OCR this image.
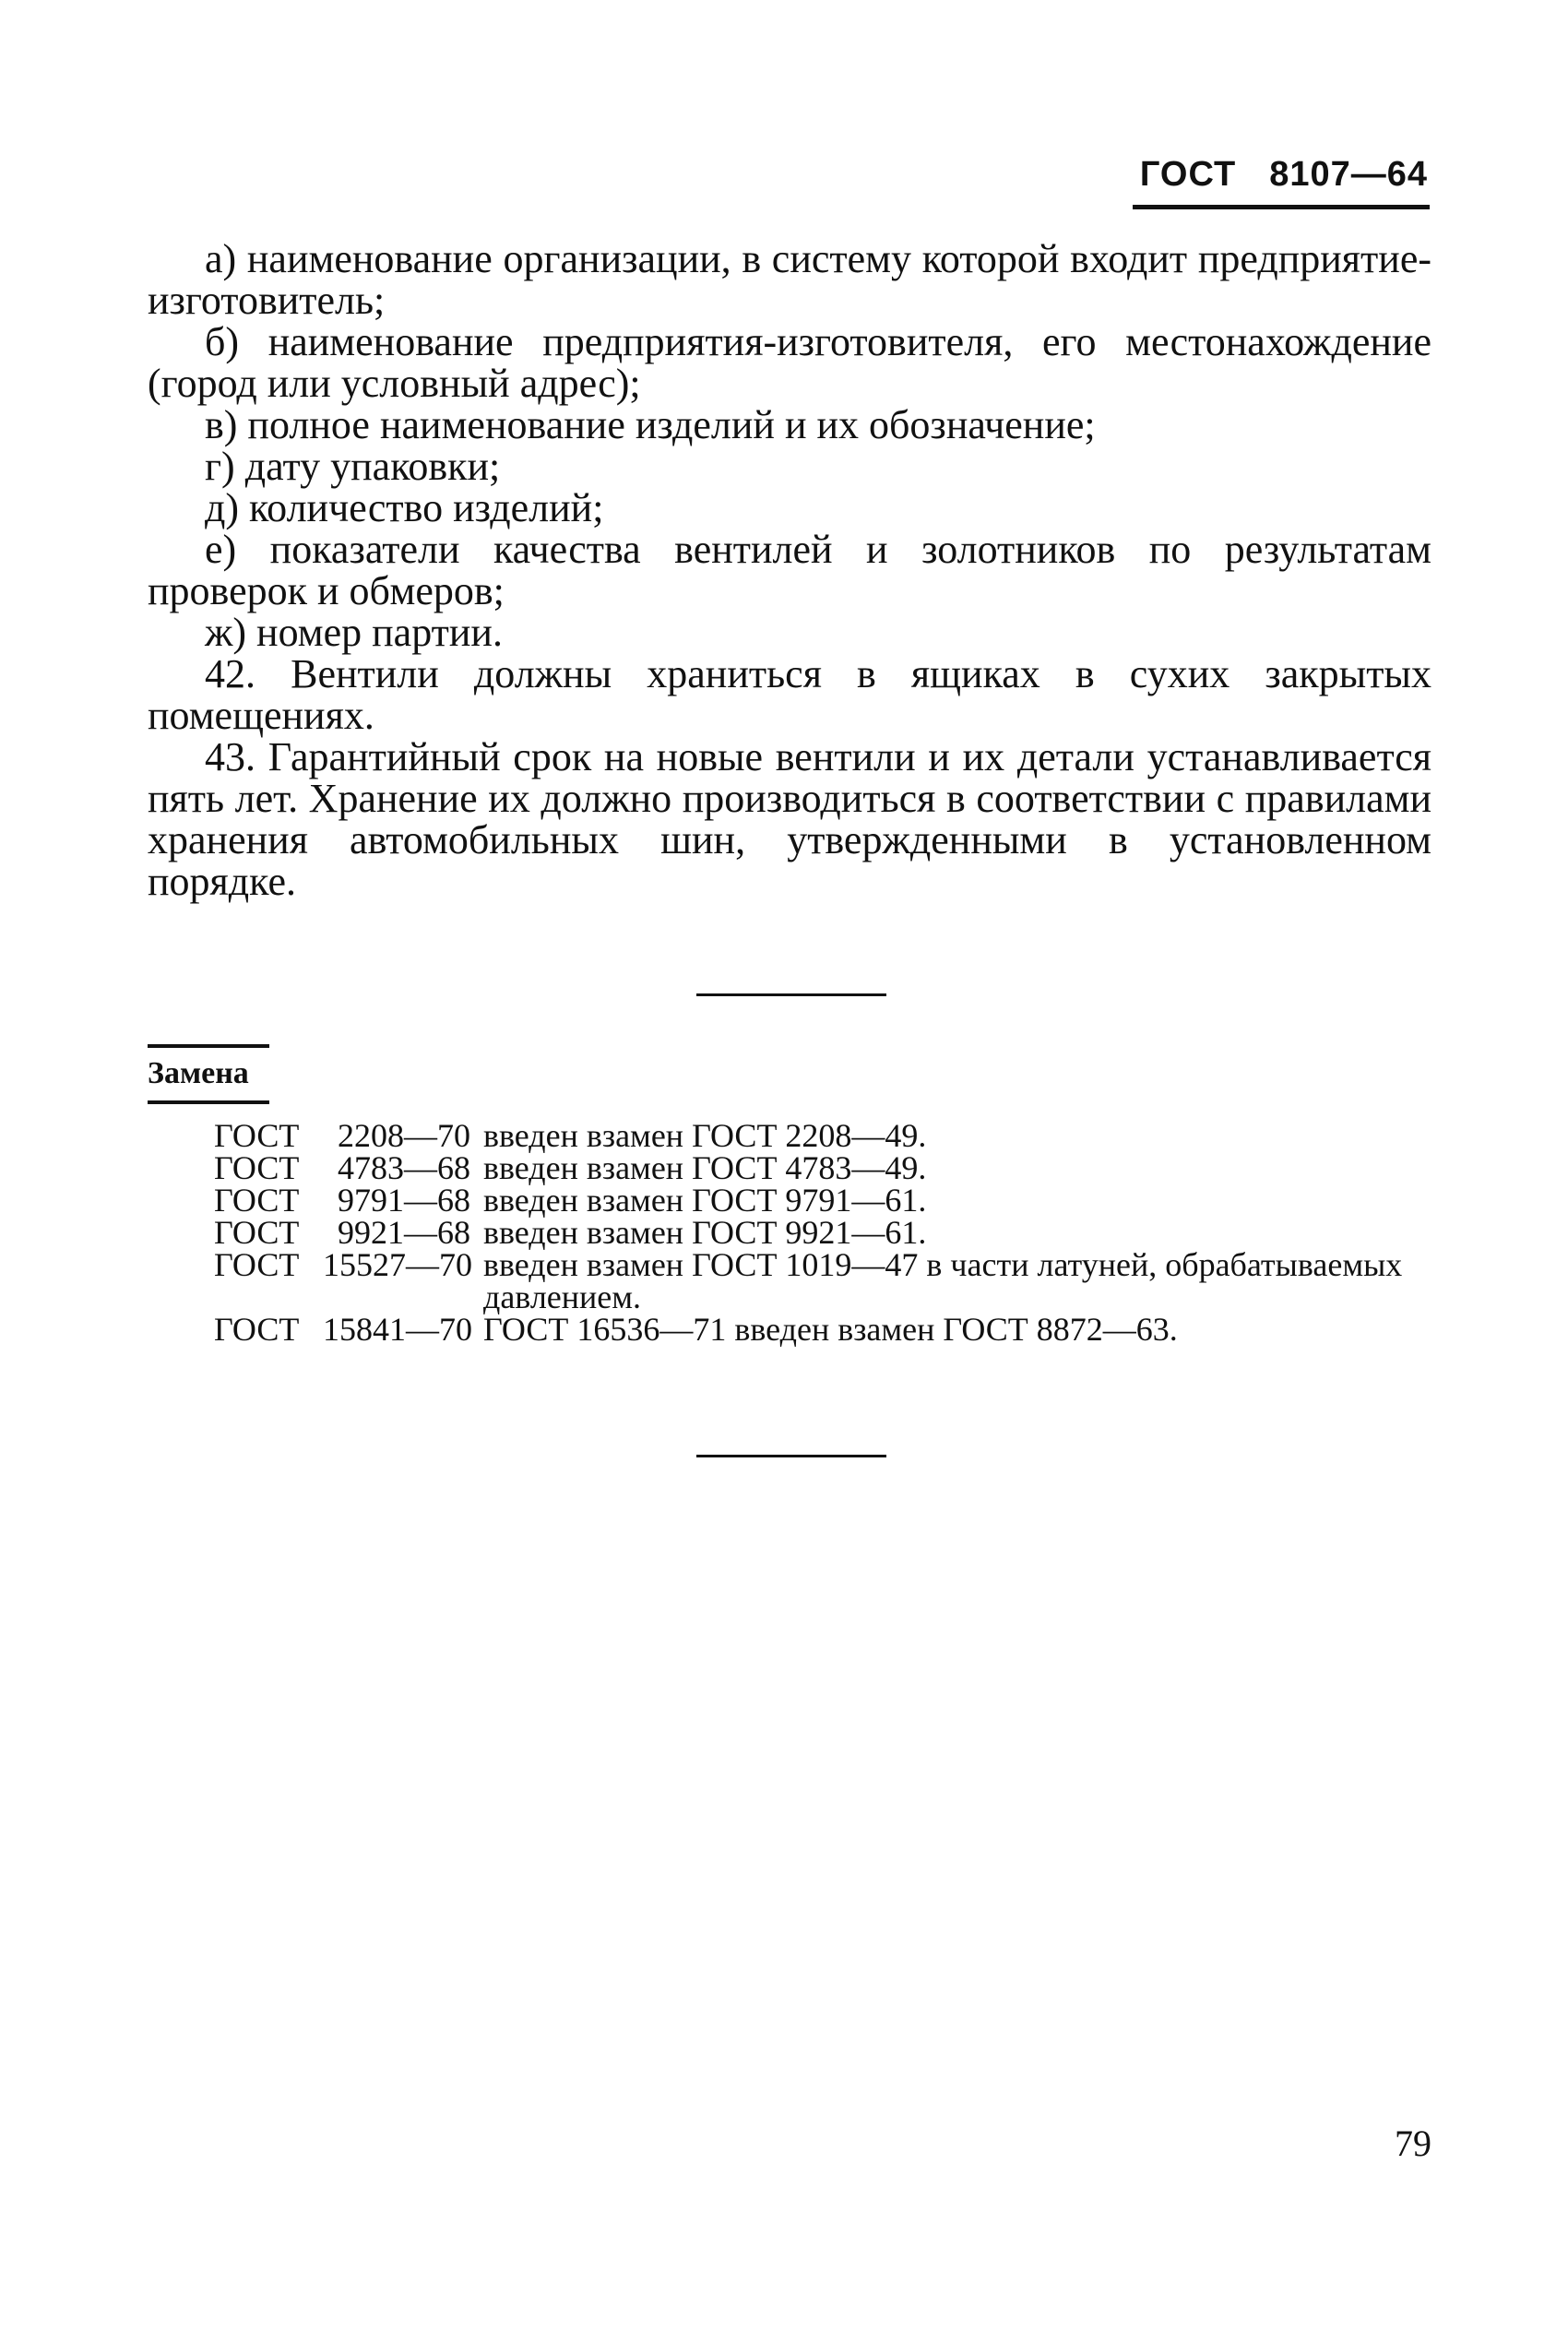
ГОСТ 8107—64

а) наименование организации, в систему которой входит предприятие-изготовитель;

б) наименование предприятия-изготовителя, его местонахождение (город или условный адрес);

в) полное наименование изделий и их обозначение;

г) дату упаковки;

д) количество изделий;

е) показатели качества вентилей и золотников по результатам проверок и обмеров;

ж) номер партии.

42. Вентили должны храниться в ящиках в сухих закрытых помещениях.

43. Гарантийный срок на новые вентили и их детали устанавливается пять лет. Хранение их должно производиться в соответствии с правилами хранения автомобильных шин, утвержденными в установленном порядке.

Замена
ГОСТ	2208—70 введен взамен ГОСТ 2208—49.
ГОСТ	4783—68 введен взамен ГОСТ 4783—49.
ГОСТ	9791—68 введен взамен ГОСТ 9791—61.
ГОСТ	9921—68 введен взамен ГОСТ 9921—61.
ГОСТ 15527—70 введен взамен ГОСТ 1019—47 в части латуней, обрабатываемых давлением.
ГОСТ 15841—70 ГОСТ 16536—71 введен взамен ГОСТ 8872—63.
79
